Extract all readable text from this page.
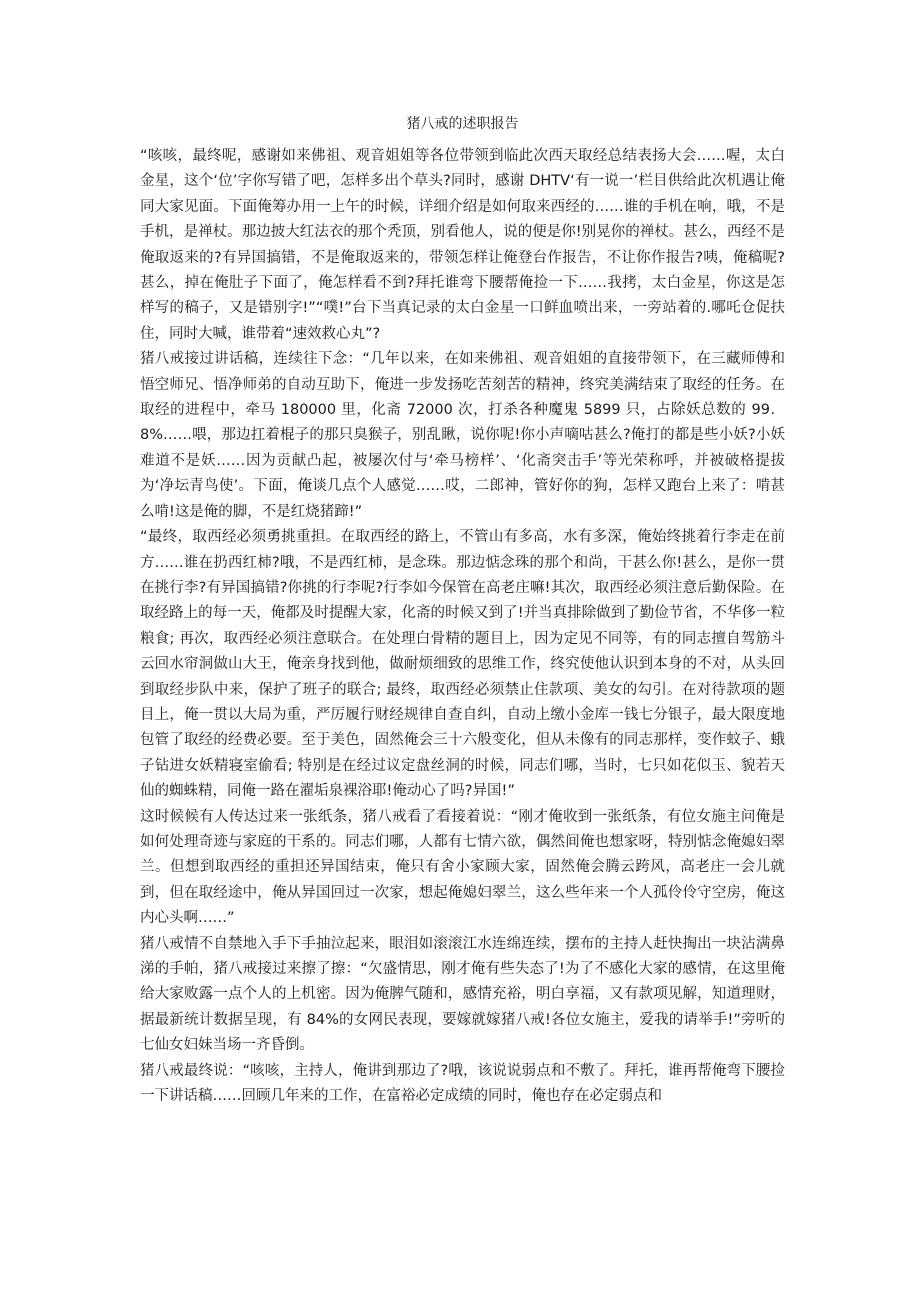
猪八戒的述职报告

“咳咳，最终呢，感谢如来佛祖、观音姐姐等各位带领到临此次西天取经总结表扬大会……喔，太白金星，这个‘位’字你写错了吧，怎样多出个草头?同时，感谢 DHTV‘有一说一’栏目供给此次机遇让俺同大家见面。下面俺筹办用一上午的时候，详细介绍是如何取来西经的……谁的手机在响，哦，不是手机，是禅杖。那边披大红法衣的那个秃顶，别看他人，说的便是你!别晃你的禅杖。甚么，西经不是俺取返来的?有异国搞错，不是俺取返来的，带领怎样让俺登台作报告，不让你作报告?咦，俺稿呢?甚么，掉在俺肚子下面了，俺怎样看不到?拜托谁弯下腰帮俺捡一下……我拷，太白金星，你这是怎样写的稿子，又是错别字!”“噗!”台下当真记录的太白金星一口鲜血喷出来，一旁站着的.哪吒仓促扶住，同时大喊，谁带着“速效救心丸”?

猪八戒接过讲话稿，连续往下念：“几年以来，在如来佛祖、观音姐姐的直接带领下，在三藏师傅和悟空师兄、悟净师弟的自动互助下，俺进一步发扬吃苦刻苦的精神，终究美满结束了取经的任务。在取经的进程中，牵马 180000 里，化斋 72000 次，打杀各种魔鬼 5899 只，占除妖总数的 99．8%……喂，那边扛着棍子的那只臭猴子，别乱瞅，说你呢!你小声嘀咕甚么?俺打的都是些小妖?小妖难道不是妖……因为贡献凸起，被屡次付与‘牵马榜样’、‘化斋突击手’等光荣称呼，并被破格提拔为‘净坛青鸟使’。下面，俺谈几点个人感觉……哎，二郎神，管好你的狗，怎样又跑台上来了：啃甚么啃!这是俺的脚，不是红烧猪蹄!”

“最终，取西经必须勇挑重担。在取西经的路上，不管山有多高，水有多深，俺始终挑着行李走在前方……谁在扔西红柿?哦，不是西红柿，是念珠。那边惦念珠的那个和尚，干甚么你!甚么，是你一贯在挑行李?有异国搞错?你挑的行李呢?行李如今保管在高老庄嘛!其次，取西经必须注意后勤保险。在取经路上的每一天，俺都及时提醒大家，化斋的时候又到了!并当真排除做到了勤俭节省，不华侈一粒粮食; 再次，取西经必须注意联合。在处理白骨精的题目上，因为定见不同等，有的同志擅自驾筋斗云回水帘洞做山大王，俺亲身找到他，做耐烦细致的思维工作，终究使他认识到本身的不对，从头回到取经步队中来，保护了班子的联合; 最终，取西经必须禁止住款项、美女的勾引。在对待款项的题目上，俺一贯以大局为重，严厉履行财经规律自查自纠，自动上缴小金库一钱七分银子，最大限度地包管了取经的经费必要。至于美色，固然俺会三十六般变化，但从未像有的同志那样，变作蚊子、蛾子钻进女妖精寝室偷看; 特别是在经过议定盘丝洞的时候，同志们哪，当时，七只如花似玉、貌若天仙的蜘蛛精，同俺一路在濯垢泉裸浴耶!俺动心了吗?异国!”

这时候候有人传达过来一张纸条，猪八戒看了看接着说：“刚才俺收到一张纸条，有位女施主问俺是如何处理奇迹与家庭的干系的。同志们哪，人都有七情六欲，偶然间俺也想家呀，特别惦念俺媳妇翠兰。但想到取西经的重担还异国结束，俺只有舍小家顾大家，固然俺会腾云跨风，高老庄一会儿就到，但在取经途中，俺从异国回过一次家，想起俺媳妇翠兰，这么些年来一个人孤伶伶守空房，俺这内心头啊……”

猪八戒情不自禁地入手下手抽泣起来，眼泪如滚滚江水连绵连续，摆布的主持人赶快掏出一块沾满鼻涕的手帕，猪八戒接过来擦了擦：“欠盛情思，刚才俺有些失态了!为了不感化大家的感情，在这里俺给大家败露一点个人的上机密。因为俺脾气随和，感情充裕，明白享福，又有款项见解，知道理财，据最新统计数据呈现，有 84%的女网民表现，要嫁就嫁猪八戒!各位女施主，爱我的请举手!”旁听的七仙女妇妹当场一齐昏倒。

猪八戒最终说：“咳咳，主持人，俺讲到那边了?哦，该说说弱点和不敷了。拜托，谁再帮俺弯下腰捡一下讲话稿……回顾几年来的工作，在富裕必定成绩的同时，俺也存在必定弱点和
